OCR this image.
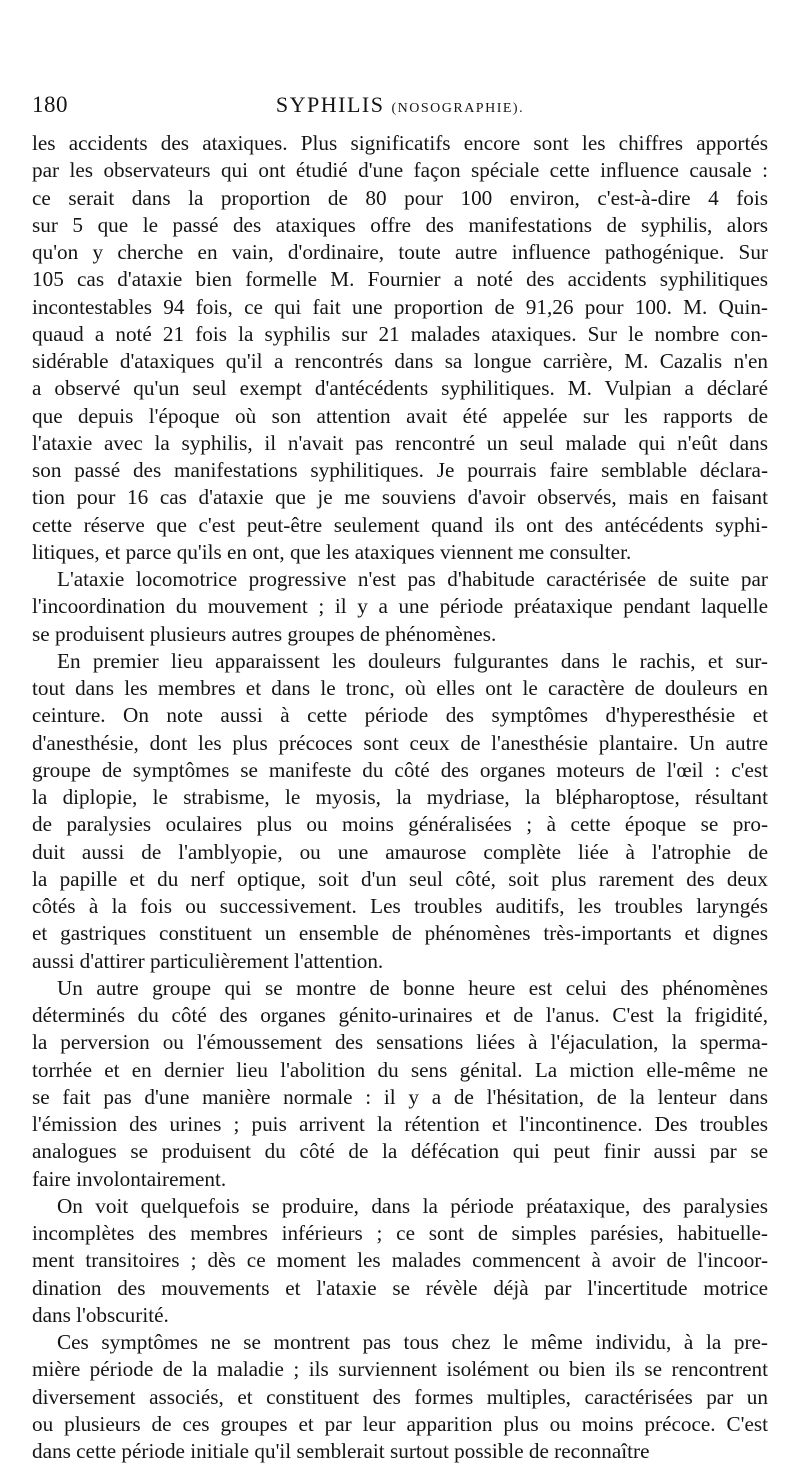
180	SYPHILIS (NOSOGRAPHIE).
les accidents des ataxiques. Plus significatifs encore sont les chiffres apportés
par les observateurs qui ont étudié d'une façon spéciale cette influence causale :
ce serait dans la proportion de 80 pour 100 environ, c'est-à-dire 4 fois
sur 5 que le passé des ataxiques offre des manifestations de syphilis, alors
qu'on y cherche en vain, d'ordinaire, toute autre influence pathogénique. Sur
105 cas d'ataxie bien formelle M. Fournier a noté des accidents syphilitiques
incontestables 94 fois, ce qui fait une proportion de 91,26 pour 100. M. Quin-
quaud a noté 21 fois la syphilis sur 21 malades ataxiques. Sur le nombre con-
sidérable d'ataxiques qu'il a rencontrés dans sa longue carrière, M. Cazalis n'en
a observé qu'un seul exempt d'antécédents syphilitiques. M. Vulpian a déclaré
que depuis l'époque où son attention avait été appelée sur les rapports de
l'ataxie avec la syphilis, il n'avait pas rencontré un seul malade qui n'eût dans
son passé des manifestations syphilitiques. Je pourrais faire semblable déclara-
tion pour 16 cas d'ataxie que je me souviens d'avoir observés, mais en faisant
cette réserve que c'est peut-être seulement quand ils ont des antécédents syphi-
litiques, et parce qu'ils en ont, que les ataxiques viennent me consulter.
L'ataxie locomotrice progressive n'est pas d'habitude caractérisée de suite par
l'incoordination du mouvement ; il y a une période préataxique pendant laquelle
se produisent plusieurs autres groupes de phénomènes.
En premier lieu apparaissent les douleurs fulgurantes dans le rachis, et sur-
tout dans les membres et dans le tronc, où elles ont le caractère de douleurs en
ceinture. On note aussi à cette période des symptômes d'hyperesthésie et
d'anesthésie, dont les plus précoces sont ceux de l'anesthésie plantaire. Un autre
groupe de symptômes se manifeste du côté des organes moteurs de l'œil : c'est
la diplopie, le strabisme, le myosis, la mydriase, la blépharoptose, résultant
de paralysies oculaires plus ou moins généralisées ; à cette époque se pro-
duit aussi de l'amblyopie, ou une amaurose complète liée à l'atrophie de
la papille et du nerf optique, soit d'un seul côté, soit plus rarement des deux
côtés à la fois ou successivement. Les troubles auditifs, les troubles laryngés
et gastriques constituent un ensemble de phénomènes très-importants et dignes
aussi d'attirer particulièrement l'attention.
Un autre groupe qui se montre de bonne heure est celui des phénomènes
déterminés du côté des organes génito-urinaires et de l'anus. C'est la frigidité,
la perversion ou l'émoussement des sensations liées à l'éjaculation, la sperma-
torrhée et en dernier lieu l'abolition du sens génital. La miction elle-même ne
se fait pas d'une manière normale : il y a de l'hésitation, de la lenteur dans
l'émission des urines ; puis arrivent la rétention et l'incontinence. Des troubles
analogues se produisent du côté de la défécation qui peut finir aussi par se
faire involontairement.
On voit quelquefois se produire, dans la période préataxique, des paralysies
incomplètes des membres inférieurs ; ce sont de simples parésies, habituelle-
ment transitoires ; dès ce moment les malades commencent à avoir de l'incoor-
dination des mouvements et l'ataxie se révèle déjà par l'incertitude motrice
dans l'obscurité.
Ces symptômes ne se montrent pas tous chez le même individu, à la pre-
mière période de la maladie ; ils surviennent isolément ou bien ils se rencontrent
diversement associés, et constituent des formes multiples, caractérisées par un
ou plusieurs de ces groupes et par leur apparition plus ou moins précoce. C'est
dans cette période initiale qu'il semblerait surtout possible de reconnaître
